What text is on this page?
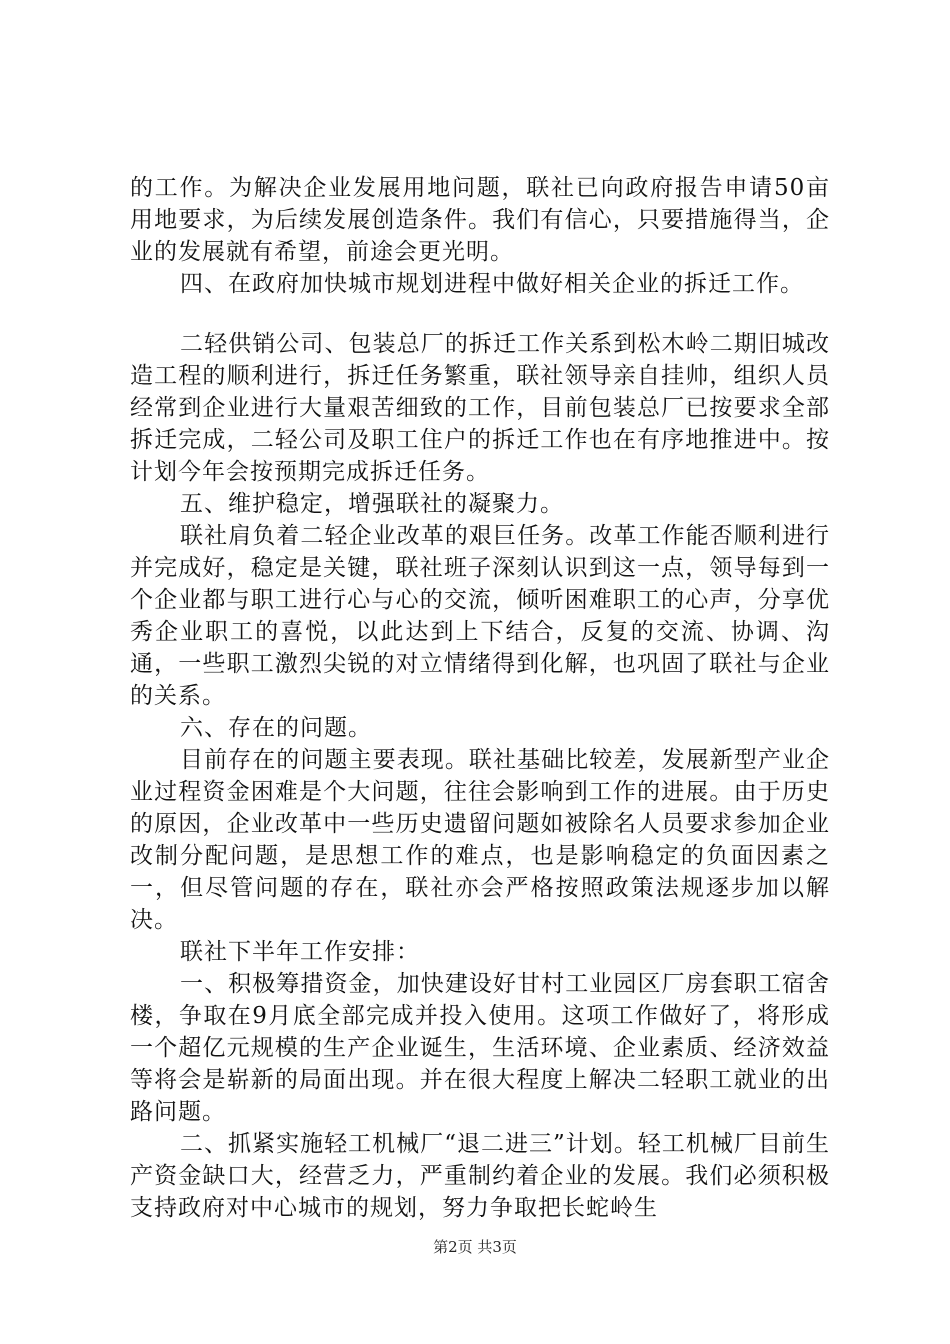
的工作。为解决企业发展用地问题，联社已向政府报告申请50亩用地要求，为后续发展创造条件。我们有信心，只要措施得当，企业的发展就有希望，前途会更光明。

四、在政府加快城市规划进程中做好相关企业的拆迁工作。

二轻供销公司、包装总厂的拆迁工作关系到松木岭二期旧城改造工程的顺利进行，拆迁任务繁重，联社领导亲自挂帅，组织人员经常到企业进行大量艰苦细致的工作，目前包装总厂已按要求全部拆迁完成，二轻公司及职工住户的拆迁工作也在有序地推进中。按计划今年会按预期完成拆迁任务。

五、维护稳定，增强联社的凝聚力。

联社肩负着二轻企业改革的艰巨任务。改革工作能否顺利进行并完成好，稳定是关键，联社班子深刻认识到这一点，领导每到一个企业都与职工进行心与心的交流，倾听困难职工的心声，分享优秀企业职工的喜悦，以此达到上下结合，反复的交流、协调、沟通，一些职工激烈尖锐的对立情绪得到化解，也巩固了联社与企业的关系。

六、存在的问题。

目前存在的问题主要表现。联社基础比较差，发展新型产业企业过程资金困难是个大问题，往往会影响到工作的进展。由于历史的原因，企业改革中一些历史遗留问题如被除名人员要求参加企业改制分配问题，是思想工作的难点，也是影响稳定的负面因素之一，但尽管问题的存在，联社亦会严格按照政策法规逐步加以解决。

联社下半年工作安排：

一、积极筹措资金，加快建设好甘村工业园区厂房套职工宿舍楼，争取在9月底全部完成并投入使用。这项工作做好了，将形成一个超亿元规模的生产企业诞生，生活环境、企业素质、经济效益等将会是崭新的局面出现。并在很大程度上解决二轻职工就业的出路问题。

二、抓紧实施轻工机械厂“退二进三”计划。轻工机械厂目前生产资金缺口大，经营乏力，严重制约着企业的发展。我们必须积极支持政府对中心城市的规划，努力争取把长蛇岭生

第2页 共3页
